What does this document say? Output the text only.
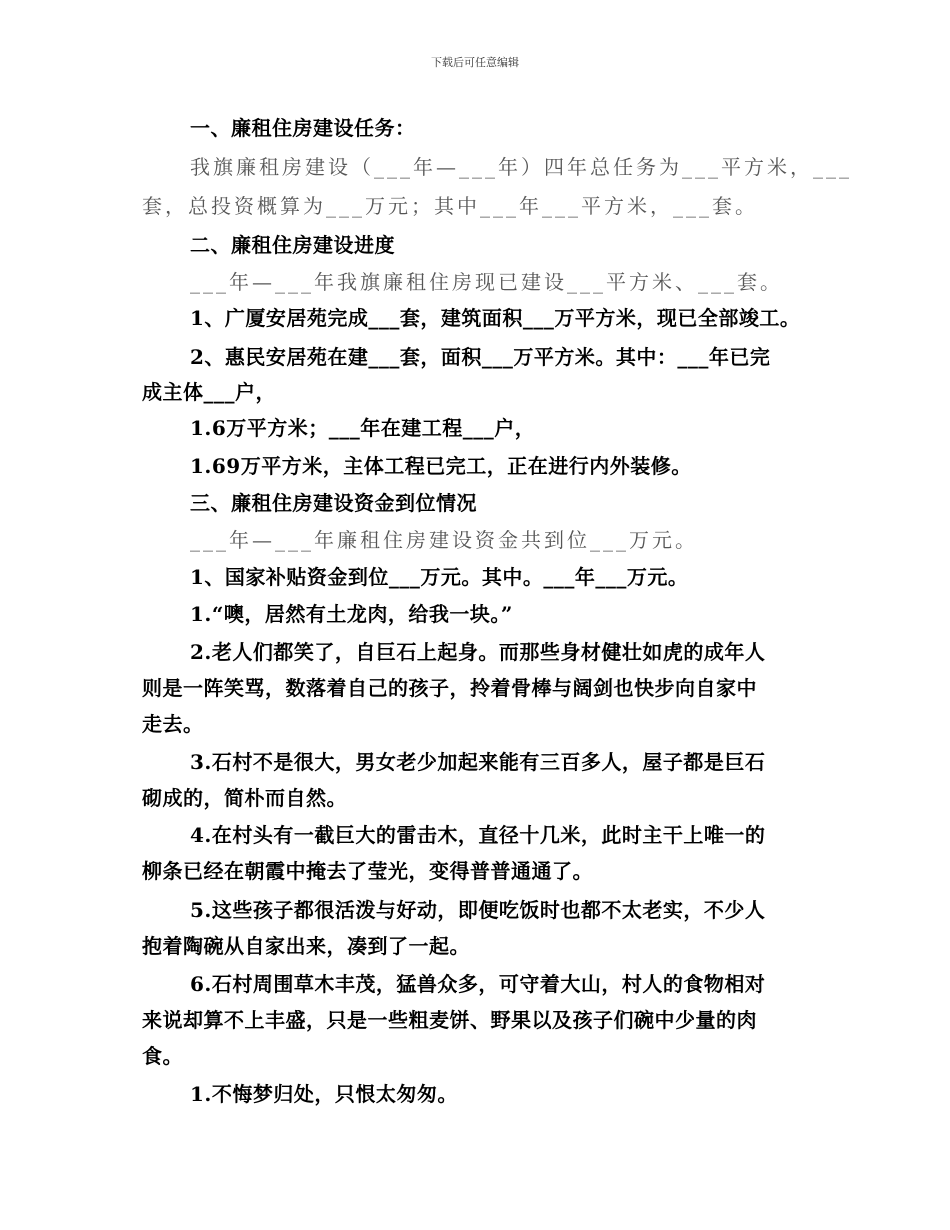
下载后可任意编辑
一、廉租住房建设任务：
我旗廉租房建设（___年—___年）四年总任务为___平方米，___
套，总投资概算为___万元；其中___年___平方米，___套。
二、廉租住房建设进度
___年—___年我旗廉租住房现已建设___平方米、___套。
1、广厦安居苑完成___套，建筑面积___万平方米，现已全部竣工。
2、惠民安居苑在建___套，面积___万平方米。其中：___年已完
成主体___户，
1.6万平方米；___年在建工程___户，
1.69万平方米，主体工程已完工，正在进行内外装修。
三、廉租住房建设资金到位情况
___年—___年廉租住房建设资金共到位___万元。
1、国家补贴资金到位___万元。其中。___年___万元。
1.“噢，居然有土龙肉，给我一块。”
2.老人们都笑了，自巨石上起身。而那些身材健壮如虎的成年人
则是一阵笑骂，数落着自己的孩子，拎着骨棒与阔剑也快步向自家中
走去。
3.石村不是很大，男女老少加起来能有三百多人，屋子都是巨石
砌成的，简朴而自然。
4.在村头有一截巨大的雷击木，直径十几米，此时主干上唯一的
柳条已经在朝霞中掩去了莹光，变得普普通通了。
5.这些孩子都很活泼与好动，即便吃饭时也都不太老实，不少人
抱着陶碗从自家出来，凑到了一起。
6.石村周围草木丰茂，猛兽众多，可守着大山，村人的食物相对
来说却算不上丰盛，只是一些粗麦饼、野果以及孩子们碗中少量的肉
食。
1.不悔梦归处，只恨太匆匆。
